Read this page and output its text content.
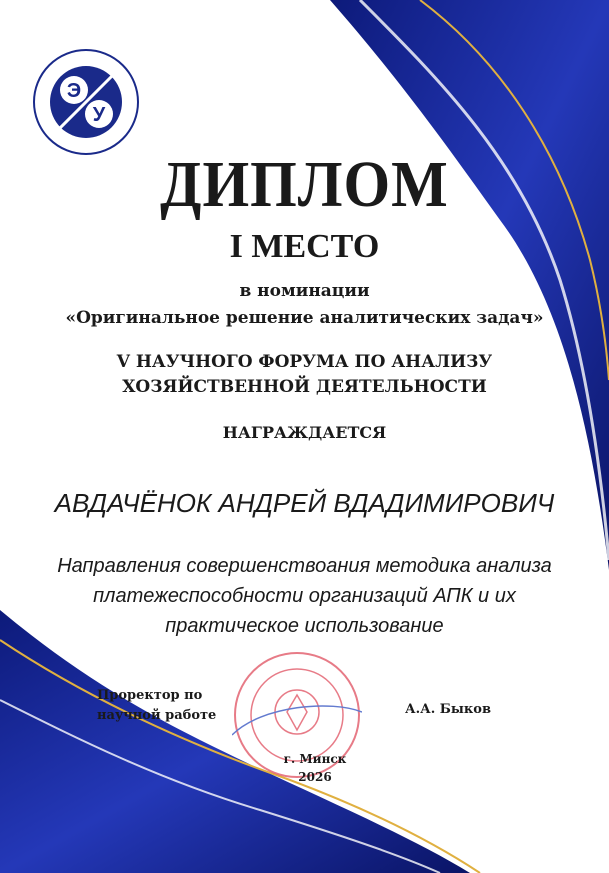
Э
У
ДИПЛОМ
I МЕСТО
в номинации
«Оригинальное решение аналитических задач»
V НАУЧНОГО ФОРУМА ПО АНАЛИЗУ
ХОЗЯЙСТВЕННОЙ ДЕЯТЕЛЬНОСТИ
НАГРАЖДАЕТСЯ
АВДАЧЁНОК АНДРЕЙ ВДАДИМИРОВИЧ
Направления совершенствоания методика анализа
платежеспособности организаций АПК и их
практическое использование
Проректор по
научной работе	А.А. Быков
г. Минск
2026
